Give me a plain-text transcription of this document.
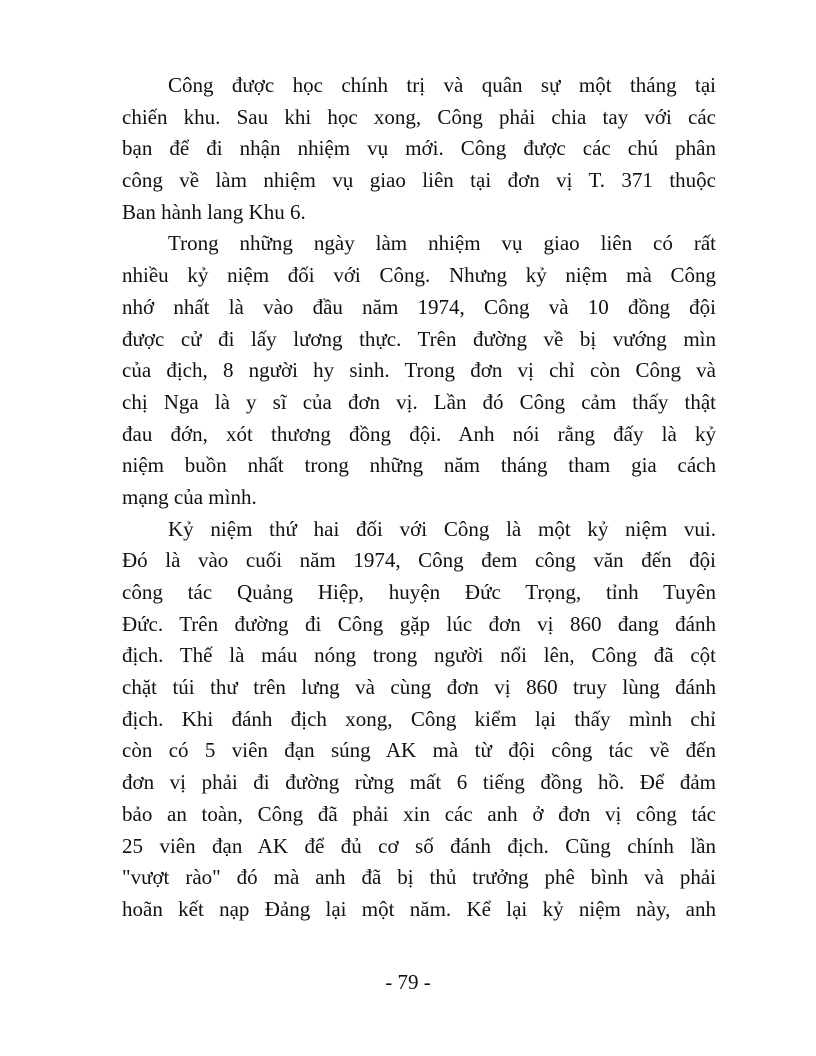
Công được học chính trị và quân sự một tháng tại
chiến khu. Sau khi học xong, Công phải chia tay với các
bạn để đi nhận nhiệm vụ mới. Công được các chú phân
công về làm nhiệm vụ giao liên tại đơn vị T. 371 thuộc
Ban hành lang Khu 6.

Trong những ngày làm nhiệm vụ giao liên có rất
nhiều kỷ niệm đối với Công. Nhưng kỷ niệm mà Công
nhớ nhất là vào đầu năm 1974, Công và 10 đồng đội
được cử đi lấy lương thực. Trên đường về bị vướng mìn
của địch, 8 người hy sinh. Trong đơn vị chỉ còn Công và
chị Nga là y sĩ của đơn vị. Lần đó Công cảm thấy thật
đau đớn, xót thương đồng đội. Anh nói rằng đấy là kỷ
niệm buồn nhất trong những năm tháng tham gia cách
mạng của mình.

Kỷ niệm thứ hai đối với Công là một kỷ niệm vui.
Đó là vào cuối năm 1974, Công đem công văn đến đội
công tác Quảng Hiệp, huyện Đức Trọng, tỉnh Tuyên
Đức. Trên đường đi Công gặp lúc đơn vị 860 đang đánh
địch. Thế là máu nóng trong người nổi lên, Công đã cột
chặt túi thư trên lưng và cùng đơn vị 860 truy lùng đánh
địch. Khi đánh địch xong, Công kiểm lại thấy mình chỉ
còn có 5 viên đạn súng AK mà từ đội công tác về đến
đơn vị phải đi đường rừng mất 6 tiếng đồng hồ. Để đảm
bảo an toàn, Công đã phải xin các anh ở đơn vị công tác
25 viên đạn AK để đủ cơ số đánh địch. Cũng chính lần
"vượt rào" đó mà anh đã bị thủ trưởng phê bình và phải
hoãn kết nạp Đảng lại một năm. Kể lại kỷ niệm này, anh

- 79 -
